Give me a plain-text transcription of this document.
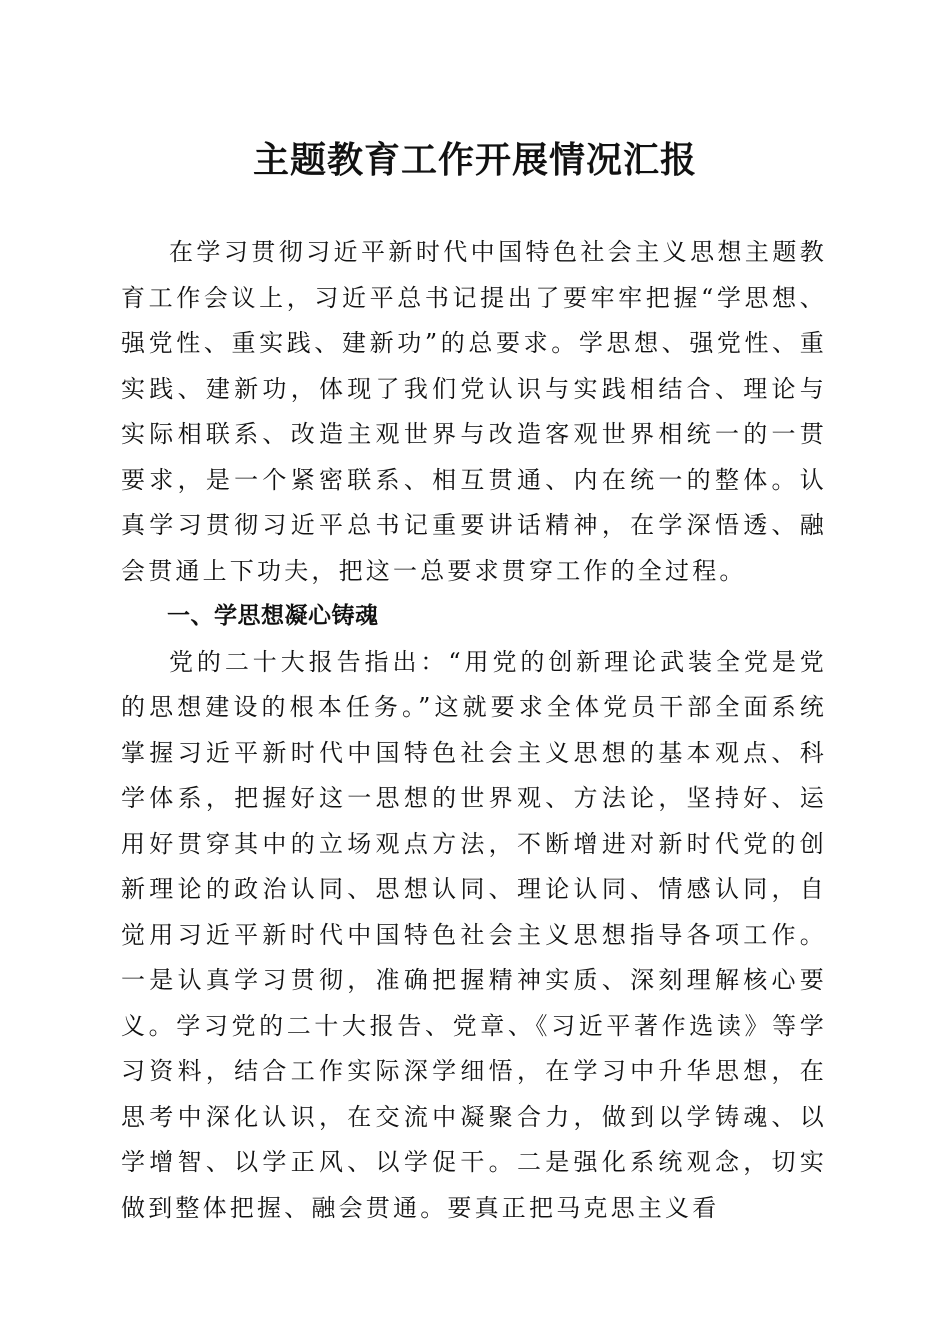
主题教育工作开展情况汇报

在学习贯彻习近平新时代中国特色社会主义思想主题教育工作会议上，习近平总书记提出了要牢牢把握“学思想、强党性、重实践、建新功”的总要求。学思想、强党性、重实践、建新功，体现了我们党认识与实践相结合、理论与实际相联系、改造主观世界与改造客观世界相统一的一贯要求，是一个紧密联系、相互贯通、内在统一的整体。认真学习贯彻习近平总书记重要讲话精神，在学深悟透、融会贯通上下功夫，把这一总要求贯穿工作的全过程。

一、学思想凝心铸魂

党的二十大报告指出：“用党的创新理论武装全党是党的思想建设的根本任务。”这就要求全体党员干部全面系统掌握习近平新时代中国特色社会主义思想的基本观点、科学体系，把握好这一思想的世界观、方法论，坚持好、运用好贯穿其中的立场观点方法，不断增进对新时代党的创新理论的政治认同、思想认同、理论认同、情感认同，自觉用习近平新时代中国特色社会主义思想指导各项工作。一是认真学习贯彻，准确把握精神实质、深刻理解核心要义。学习党的二十大报告、党章、《习近平著作选读》等学习资料，结合工作实际深学细悟，在学习中升华思想，在思考中深化认识，在交流中凝聚合力，做到以学铸魂、以学增智、以学正风、以学促干。二是强化系统观念，切实做到整体把握、融会贯通。要真正把马克思主义看
